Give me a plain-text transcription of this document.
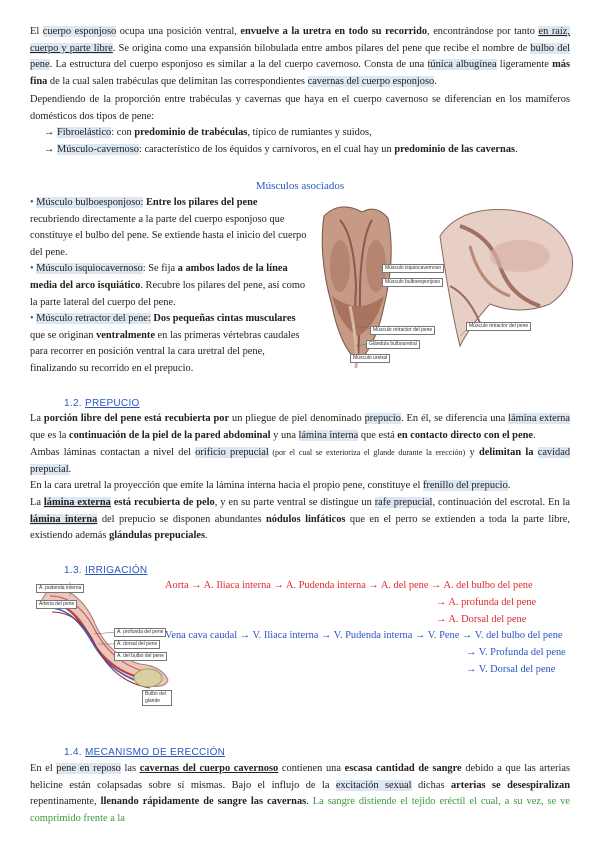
El cuerpo esponjoso ocupa una posición ventral, envuelve a la uretra en todo su recorrido, encontrándose por tanto en raíz, cuerpo y parte libre. Se origina como una expansión bilobulada entre ambos pilares del pene que recibe el nombre de bulbo del pene. La estructura del cuerpo esponjoso es similar a la del cuerpo cavernoso. Consta de una túnica albugínea ligeramente más fina de la cual salen trabéculas que delimitan las correspondientes cavernas del cuerpo esponjoso.
Dependiendo de la proporción entre trabéculas y cavernas que haya en el cuerpo cavernoso se diferencian en los mamíferos domésticos dos tipos de pene:
→ Fibroelástico: con predominio de trabéculas, típico de rumiantes y suidos,
→ Músculo-cavernoso: característico de los équidos y carnívoros, en el cual hay un predominio de las cavernas.
Músculos asociados
• Músculo bulboesponjoso: Entre los pilares del pene recubriendo directamente a la parte del cuerpo esponjoso que constituye el bulbo del pene. Se extiende hasta el inicio del cuerpo del pene.
• Músculo isquiocavernoso: Se fija a ambos lados de la línea media del arco isquiático. Recubre los pilares del pene, así como la parte lateral del cuerpo del pene.
• Músculo retractor del pene: Dos pequeñas cintas musculares que se originan ventralmente en las primeras vértebras caudales para recorrer en posición ventral la cara uretral del pene, finalizando su recorrido en el prepucio.
Músculo isquiocavernoso
Músculo bulboesponjoso
Músculo retractor del pene
Glándula bulbouretral
Músculo uretral
Músculo retractor del pene
1.2. PREPUCIO
La porción libre del pene está recubierta por un pliegue de piel denominado prepucio. En él, se diferencia una lámina externa que es la continuación de la piel de la pared abdominal y una lámina interna que está en contacto directo con el pene.
Ambas láminas contactan a nivel del orificio prepucial (por el cual se exterioriza el glande durante la erección) y delimitan la cavidad prepucial.
En la cara uretral la proyección que emite la lámina interna hacia el propio pene, constituye el frenillo del prepucio.
La lámina externa está recubierta de pelo, y en su parte ventral se distingue un rafe prepucial, continuación del escrotal. En la lámina interna del prepucio se disponen abundantes nódulos linfáticos que en el perro se extienden a toda la parte libre, existiendo además glándulas prepuciales.
1.3. IRRIGACIÓN
A. pudenda interna
Arteria del pene
A. profunda del pene
A. dorsal del pene
A. del bulbo del pene
Bulbo del glande
Aorta → A. Iliaca interna → A. Pudenda interna → A. del pene → A. del bulbo del pene
→ A. profunda del pene
→ A. Dorsal del pene
Vena cava caudal → V. Iliaca interna → V. Pudenda interna → V. Pene → V. del bulbo del pene
→ V. Profunda del pene
→ V. Dorsal del pene
1.4. MECANISMO DE ERECCIÓN
En el pene en reposo las cavernas del cuerpo cavernoso contienen una escasa cantidad de sangre debido a que las arterias helicine están colapsadas sobre sí mismas. Bajo el influjo de la excitación sexual dichas arterias se desespiralizan repentinamente, llenando rápidamente de sangre las cavernas. La sangre distiende el tejido eréctil el cual, a su vez, se ve comprimido frente a la
